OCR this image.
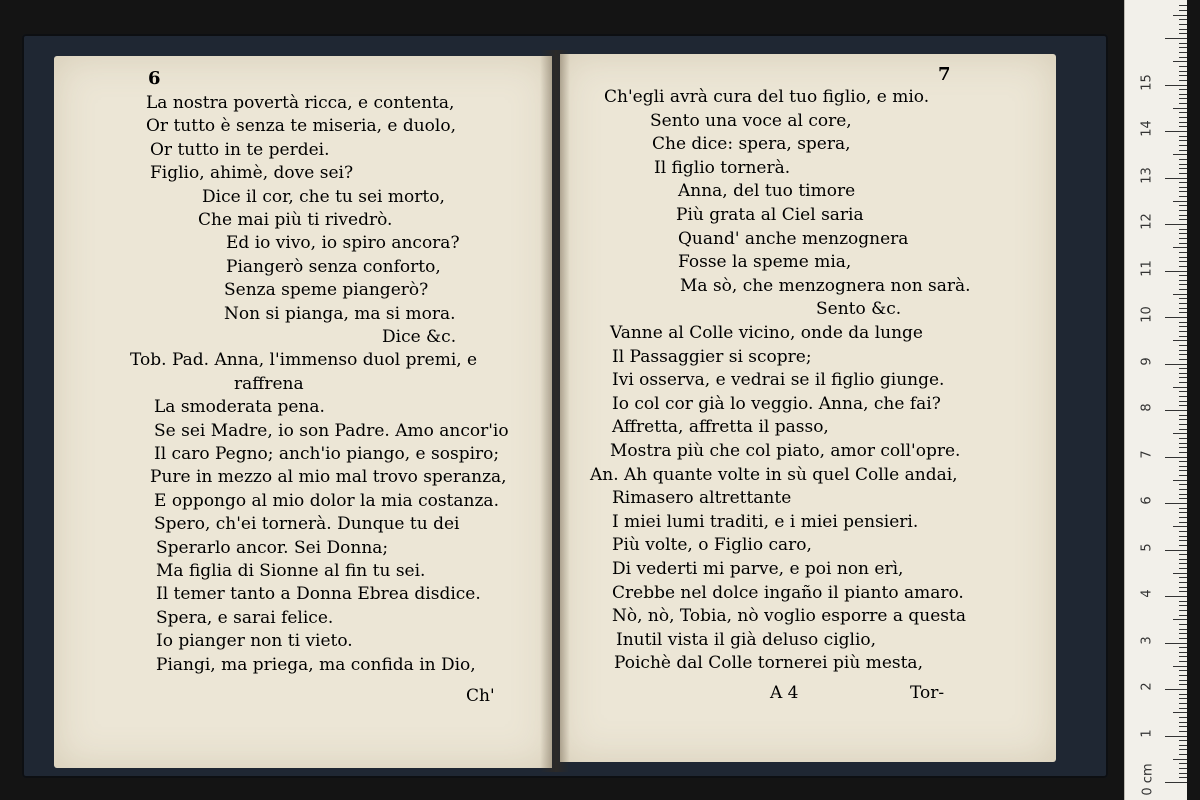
6
La nostra povertà ricca, e contenta,
Or tutto è senza te miseria, e duolo,
Or tutto in te perdei.
Figlio, ahimè, dove sei?
Dice il cor, che tu sei morto,
Che mai più ti rivedrò.
Ed io vivo, io spiro ancora?
Piangerò senza conforto,
Senza speme piangerò?
Non si pianga, ma si mora.
Dice &c.
Tob. Pad. Anna, l'immenso duol premi, e
raffrena
La smoderata pena.
Se sei Madre, io son Padre. Amo ancor'io
Il caro Pegno; anch'io piango, e sospiro;
Pure in mezzo al mio mal trovo speranza,
E oppongo al mio dolor la mia costanza.
Spero, ch'ei tornerà. Dunque tu dei
Sperarlo ancor. Sei Donna;
Ma figlia di Sionne al fin tu sei.
Il temer tanto a Donna Ebrea disdice.
Spera, e sarai felice.
Io pianger non ti vieto.
Piangi, ma priega, ma confida in Dio,
Ch'
7
Ch'egli avrà cura del tuo figlio, e mio.
Sento una voce al core,
Che dice: spera, spera,
Il figlio tornerà.
Anna, del tuo timore
Più grata al Ciel saria
Quand' anche menzognera
Fosse la speme mia,
Ma sò, che menzognera non sarà.
Sento &c.
Vanne al Colle vicino, onde da lunge
Il Passaggier si scopre;
Ivi osserva, e vedrai se il figlio giunge.
Io col cor già lo veggio. Anna, che fai?
Affretta, affretta il passo,
Mostra più che col piato, amor coll'opre.
An. Ah quante volte in sù quel Colle andai,
Rimasero altrettante
I miei lumi traditi, e i miei pensieri.
Più volte, o Figlio caro,
Di vederti mi parve, e poi non erì,
Crebbe nel dolce ingaño il pianto amaro.
Nò, nò, Tobia, nò voglio esporre a questa
Inutil vista il già deluso ciglio,
Poichè dal Colle tornerei più mesta,
A 4	Tor-
0 cm
1
2
3
4
5
6
7
8
9
10
11
12
13
14
15
